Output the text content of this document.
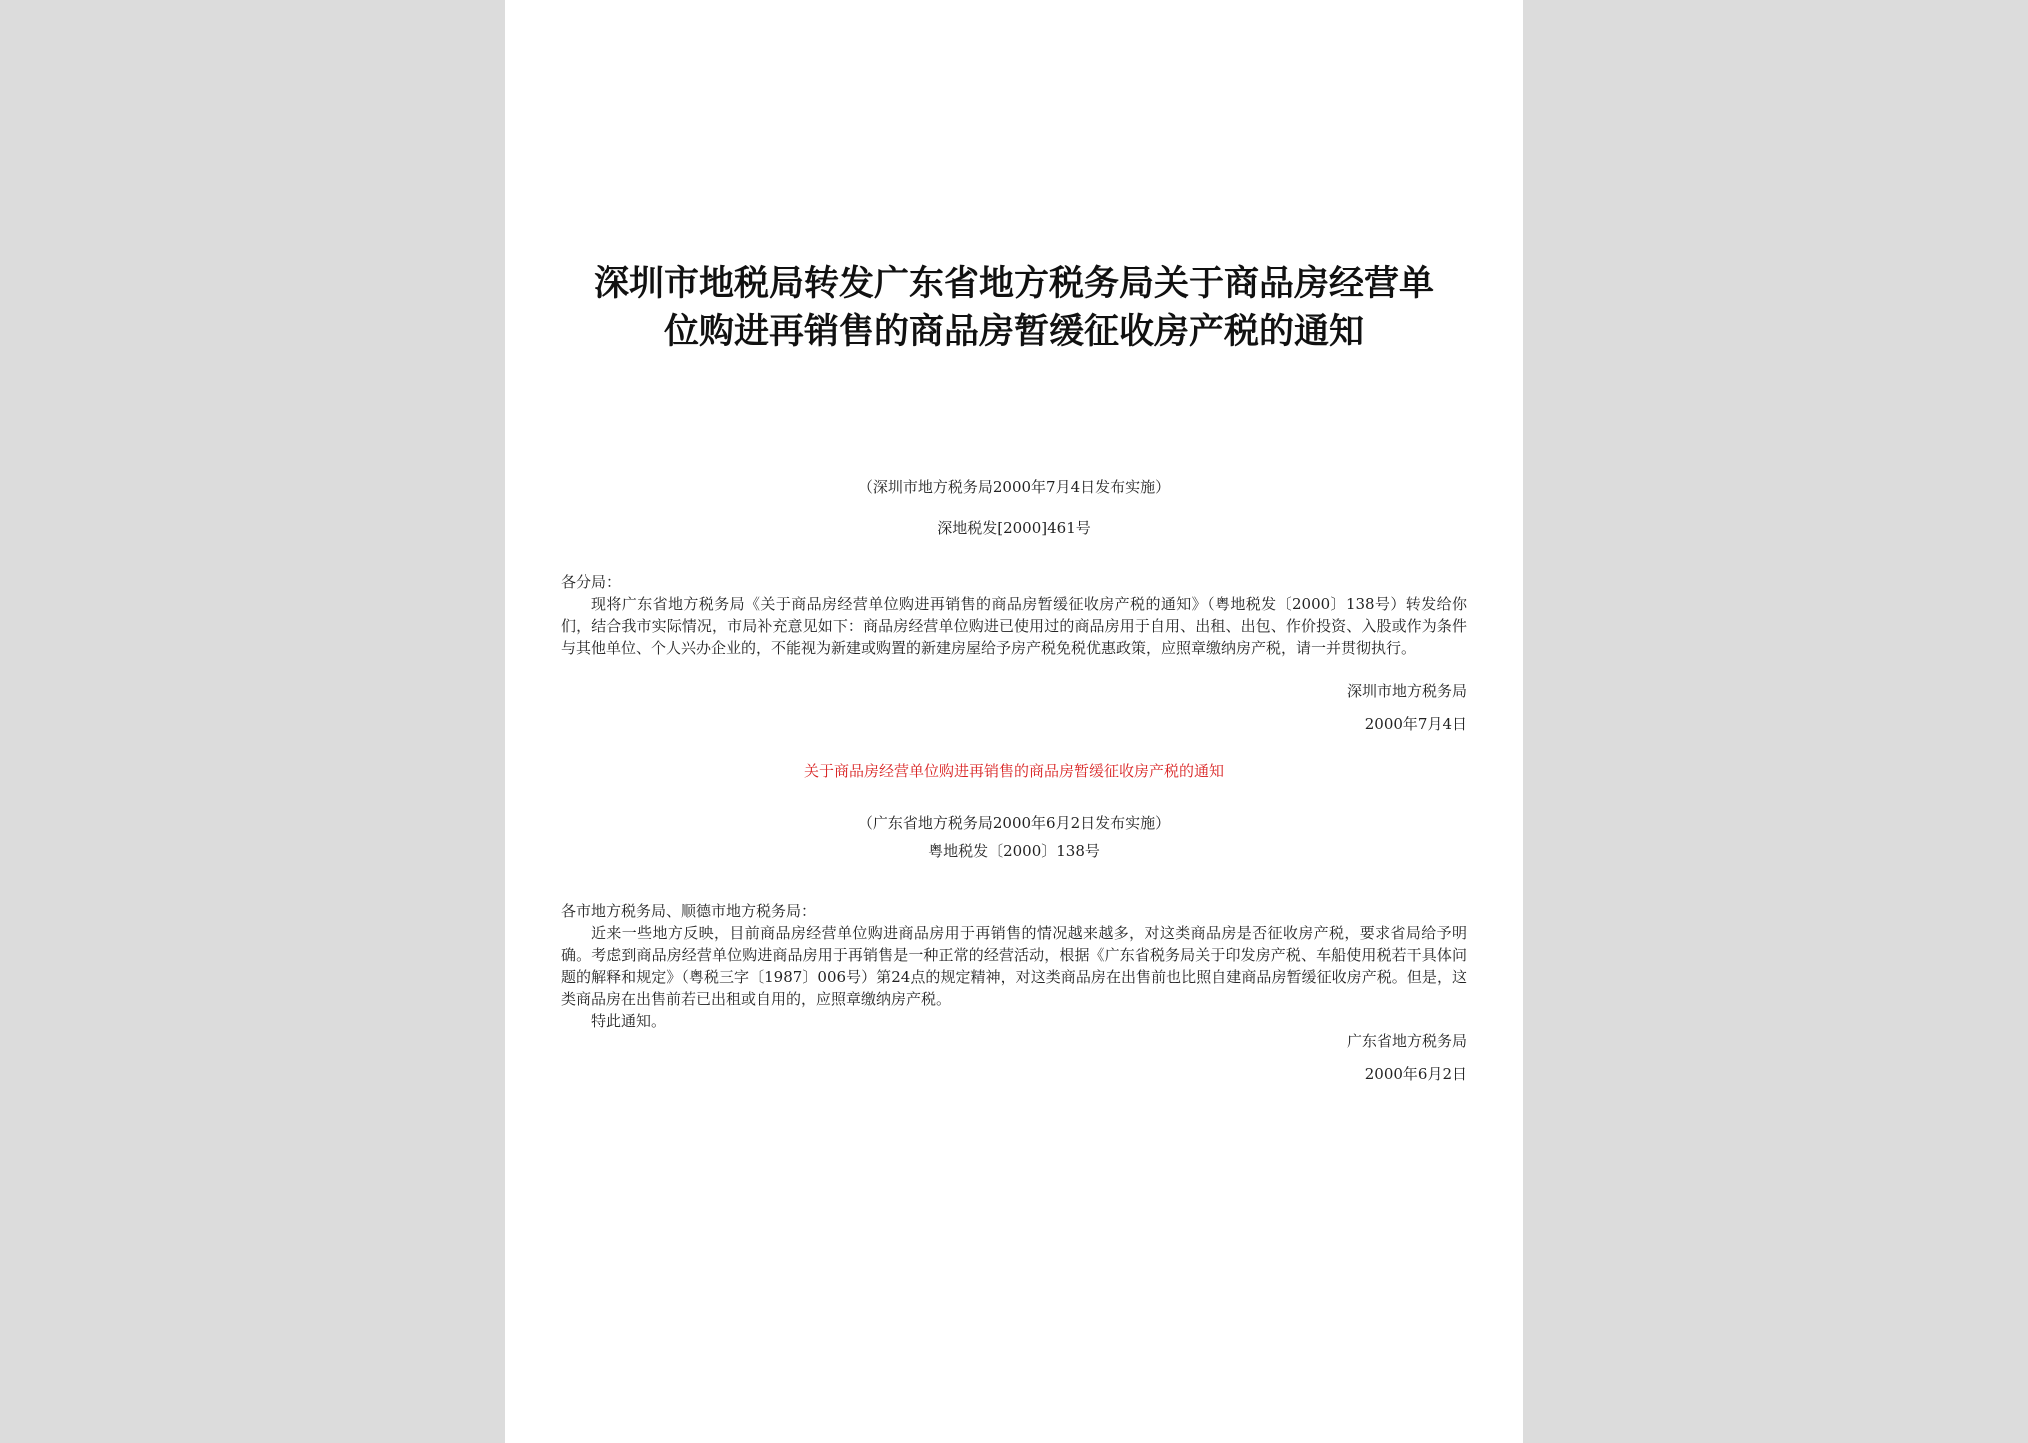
深圳市地税局转发广东省地方税务局关于商品房经营单
位购进再销售的商品房暂缓征收房产税的通知
（深圳市地方税务局2000年7月4日发布实施）
深地税发[2000]461号
各分局：

现将广东省地方税务局《关于商品房经营单位购进再销售的商品房暂缓征收房产税的通知》（粤地税发〔2000〕138号）转发给你们，结合我市实际情况，市局补充意见如下：商品房经营单位购进已使用过的商品房用于自用、出租、出包、作价投资、入股或作为条件与其他单位、个人兴办企业的，不能视为新建或购置的新建房屋给予房产税免税优惠政策，应照章缴纳房产税，请一并贯彻执行。

深圳市地方税务局
2000年7月4日
关于商品房经营单位购进再销售的商品房暂缓征收房产税的通知
（广东省地方税务局2000年6月2日发布实施）
粤地税发〔2000〕138号
各市地方税务局、顺德市地方税务局：

近来一些地方反映，目前商品房经营单位购进商品房用于再销售的情况越来越多，对这类商品房是否征收房产税，要求省局给予明确。考虑到商品房经营单位购进商品房用于再销售是一种正常的经营活动，根据《广东省税务局关于印发房产税、车船使用税若干具体问题的解释和规定》（粤税三字〔1987〕006号）第24点的规定精神，对这类商品房在出售前也比照自建商品房暂缓征收房产税。但是，这类商品房在出售前若已出租或自用的，应照章缴纳房产税。

特此通知。

广东省地方税务局
2000年6月2日
